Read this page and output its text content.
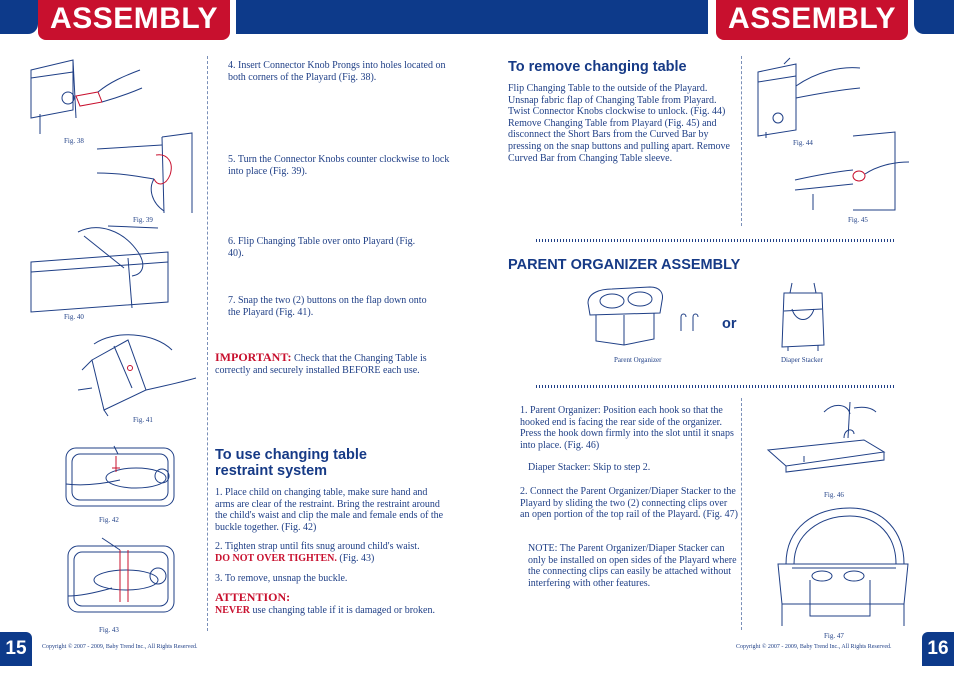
ASSEMBLY	ASSEMBLY
Fig. 38
Fig. 39
Fig. 40
Fig. 41
Fig. 42
Fig. 43
4. Insert Connector Knob Prongs into holes located on both corners of the Playard (Fig. 38).
5. Turn the Connector Knobs counter clockwise to lock into place (Fig. 39).
6. Flip Changing Table over onto Playard (Fig. 40).
7. Snap the two (2) buttons on the flap down onto the Playard (Fig. 41).
IMPORTANT: Check that the Changing Table is correctly and securely installed BEFORE each use.
To use changing table restraint system
1. Place child on changing table, make sure hand and arms are clear of the restraint. Bring the restraint around the child's waist and clip the male and female ends of the buckle together. (Fig. 42)
2. Tighten strap until fits snug around child's waist. DO NOT OVER TIGHTEN. (Fig. 43)
3. To remove, unsnap the buckle.
ATTENTION:
NEVER use changing table if it is damaged or broken.
To remove changing table
Flip Changing Table to the outside of the Playard. Unsnap fabric flap of Changing Table from Playard. Twist Connector Knobs clockwise to unlock. (Fig. 44) Remove Changing Table from Playard (Fig. 45) and disconnect the Short Bars from the Curved Bar by pressing on the snap buttons and pulling apart. Remove Curved Bar from Changing Table sleeve.
Fig. 44
Fig. 45
PARENT ORGANIZER ASSEMBLY
Parent Organizer
or
Diaper Stacker
1. Parent Organizer: Position each hook so that the hooked end is facing the rear side of the organizer. Press the hook down firmly into the slot until it snaps into place. (Fig. 46)
Diaper Stacker: Skip to step 2.
2. Connect the Parent Organizer/Diaper Stacker to the Playard by sliding the two (2) connecting clips over an open portion of the top rail of the Playard. (Fig. 47)
NOTE: The Parent Organizer/Diaper Stacker can only be installed on open sides of the Playard where the connecting clips can easily be attached without interfering with other features.
Fig. 46
Fig. 47
15	Copyright © 2007 - 2009, Baby Trend Inc., All Rights Reserved.	Copyright © 2007 - 2009, Baby Trend Inc., All Rights Reserved. 16
